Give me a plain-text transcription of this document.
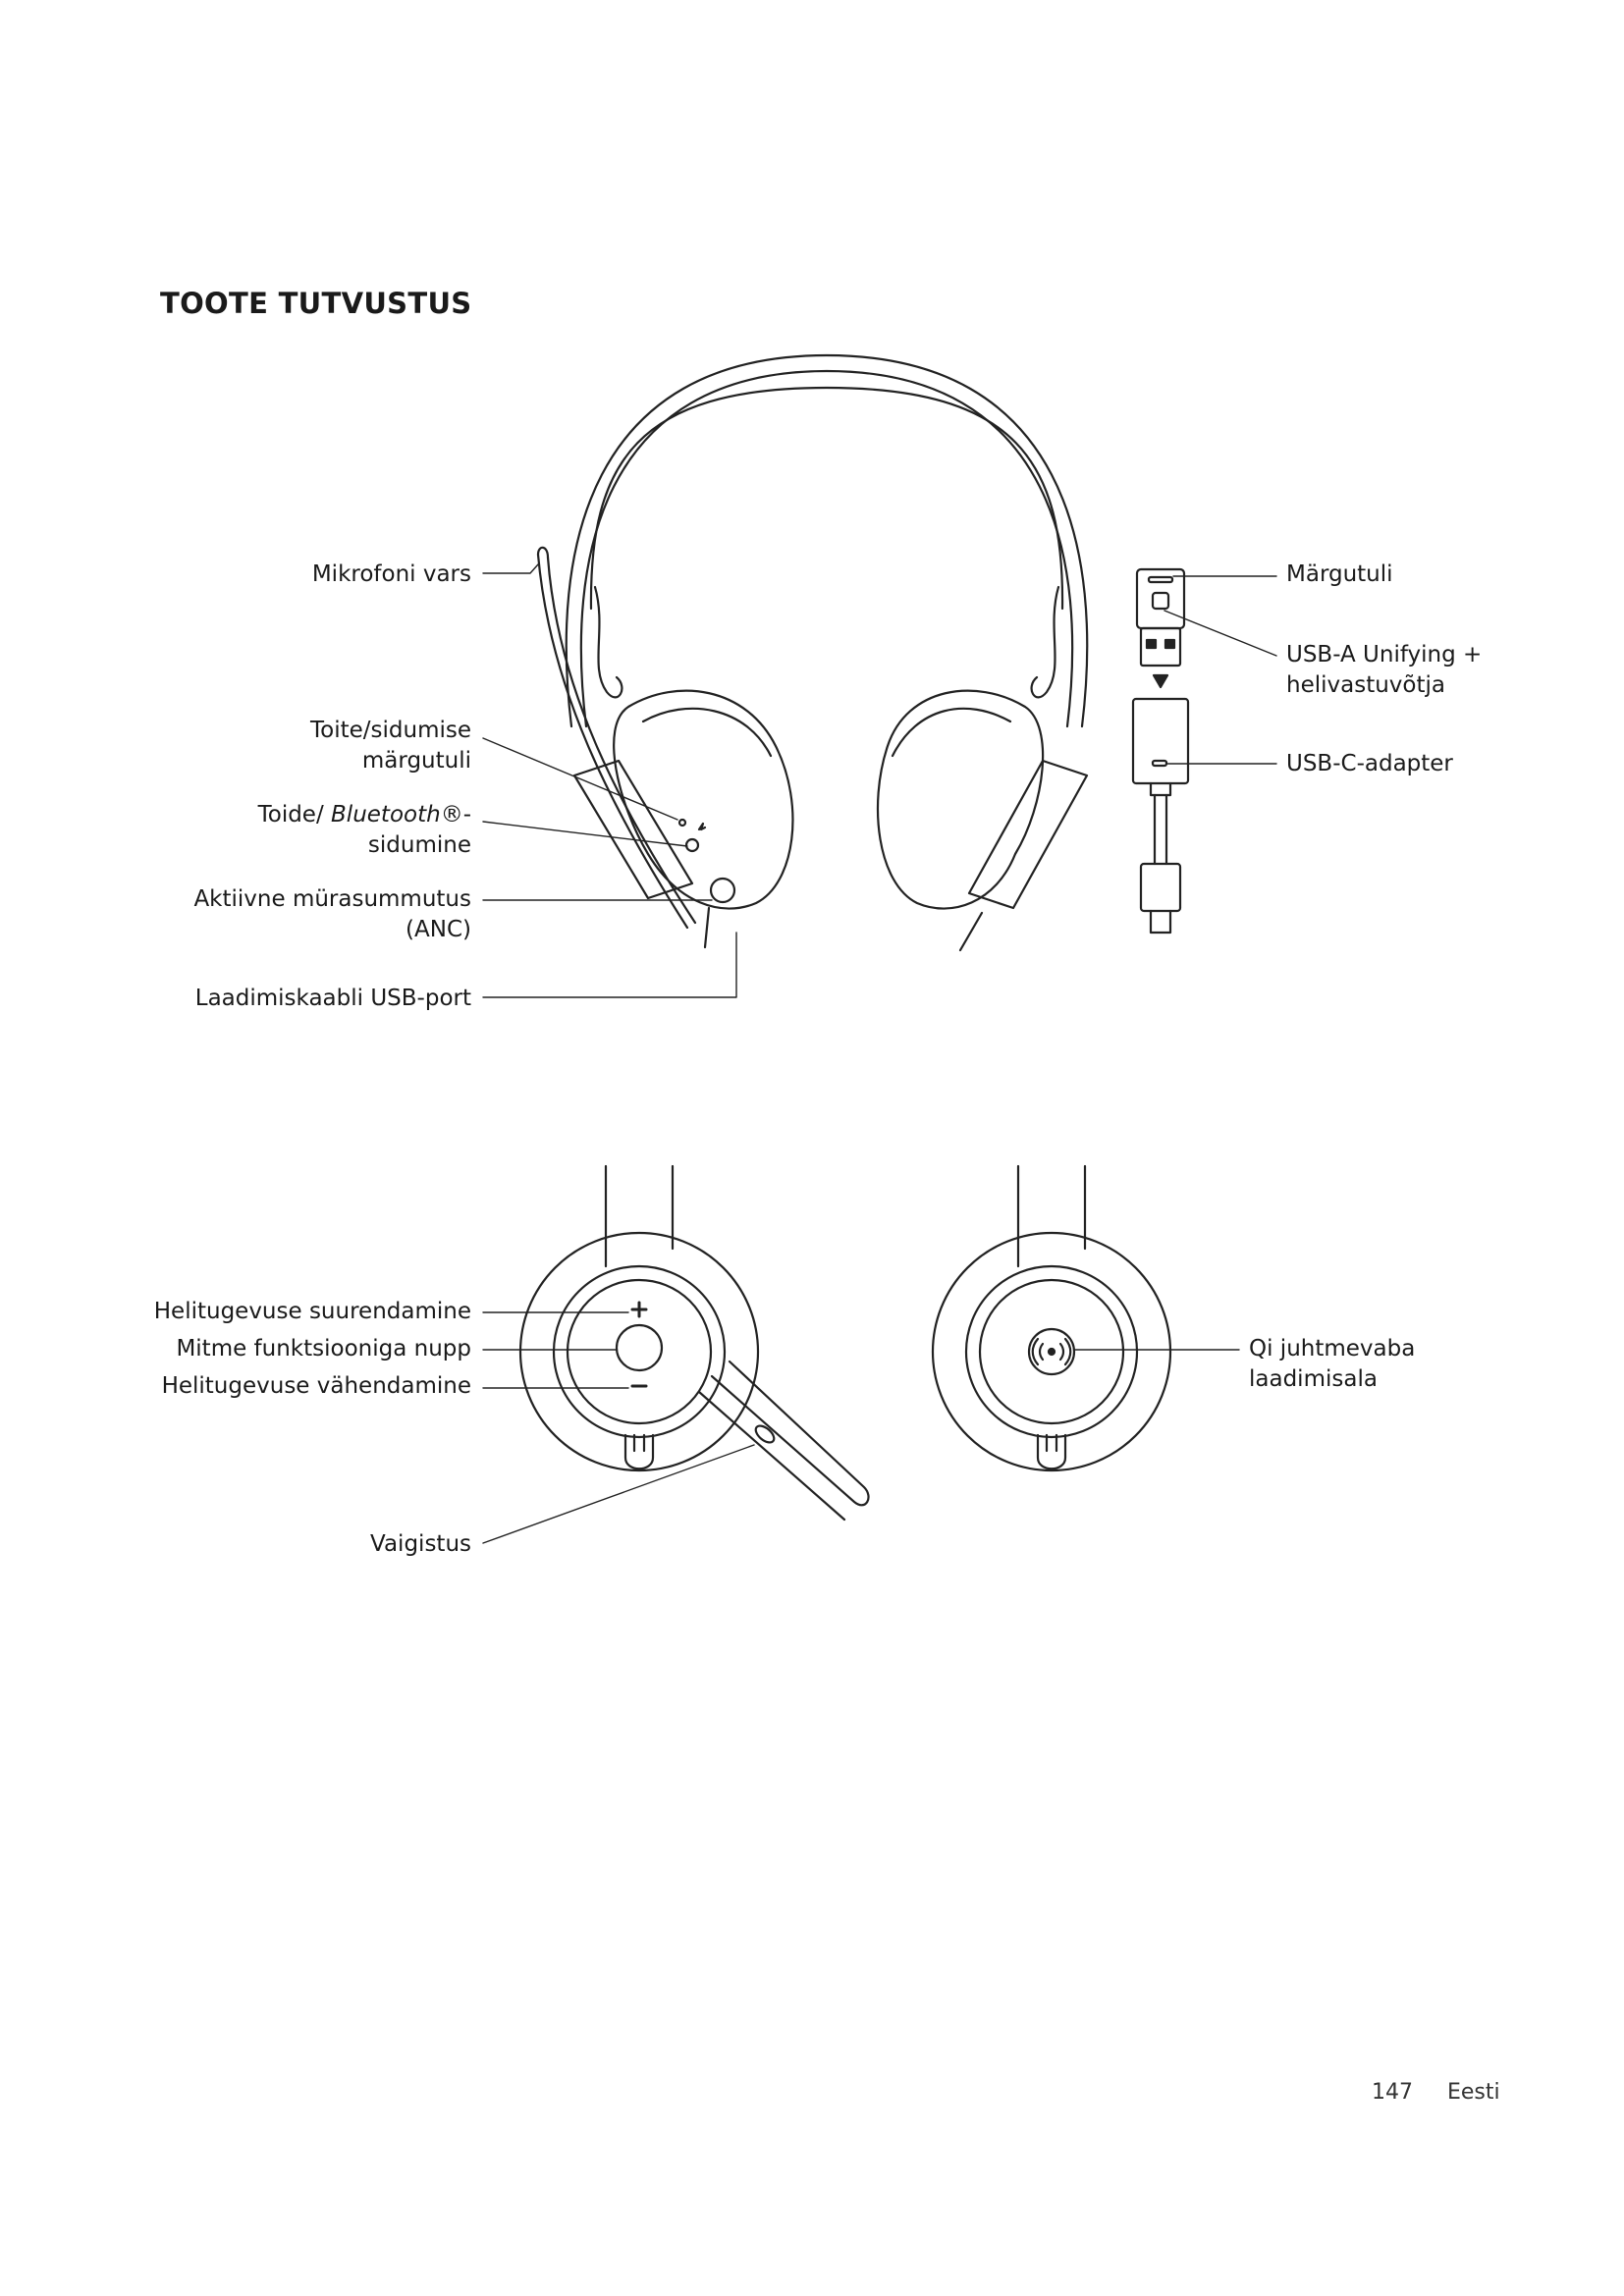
TOOTE TUTVUSTUS
Mikrofoni vars
Toite/sidumise
märgutuli
Toide/ Bluetooth®-
sidumine
Aktiivne mürasummutus
(ANC)
Laadimiskaabli USB-port
Märgutuli
USB-A Unifying +
helivastuvõtja
USB-C-adapter
Helitugevuse suurendamine
Mitme funktsiooniga nupp
Helitugevuse vähendamine
Vaigistus
Qi juhtmevaba
laadimisala
147 Eesti
